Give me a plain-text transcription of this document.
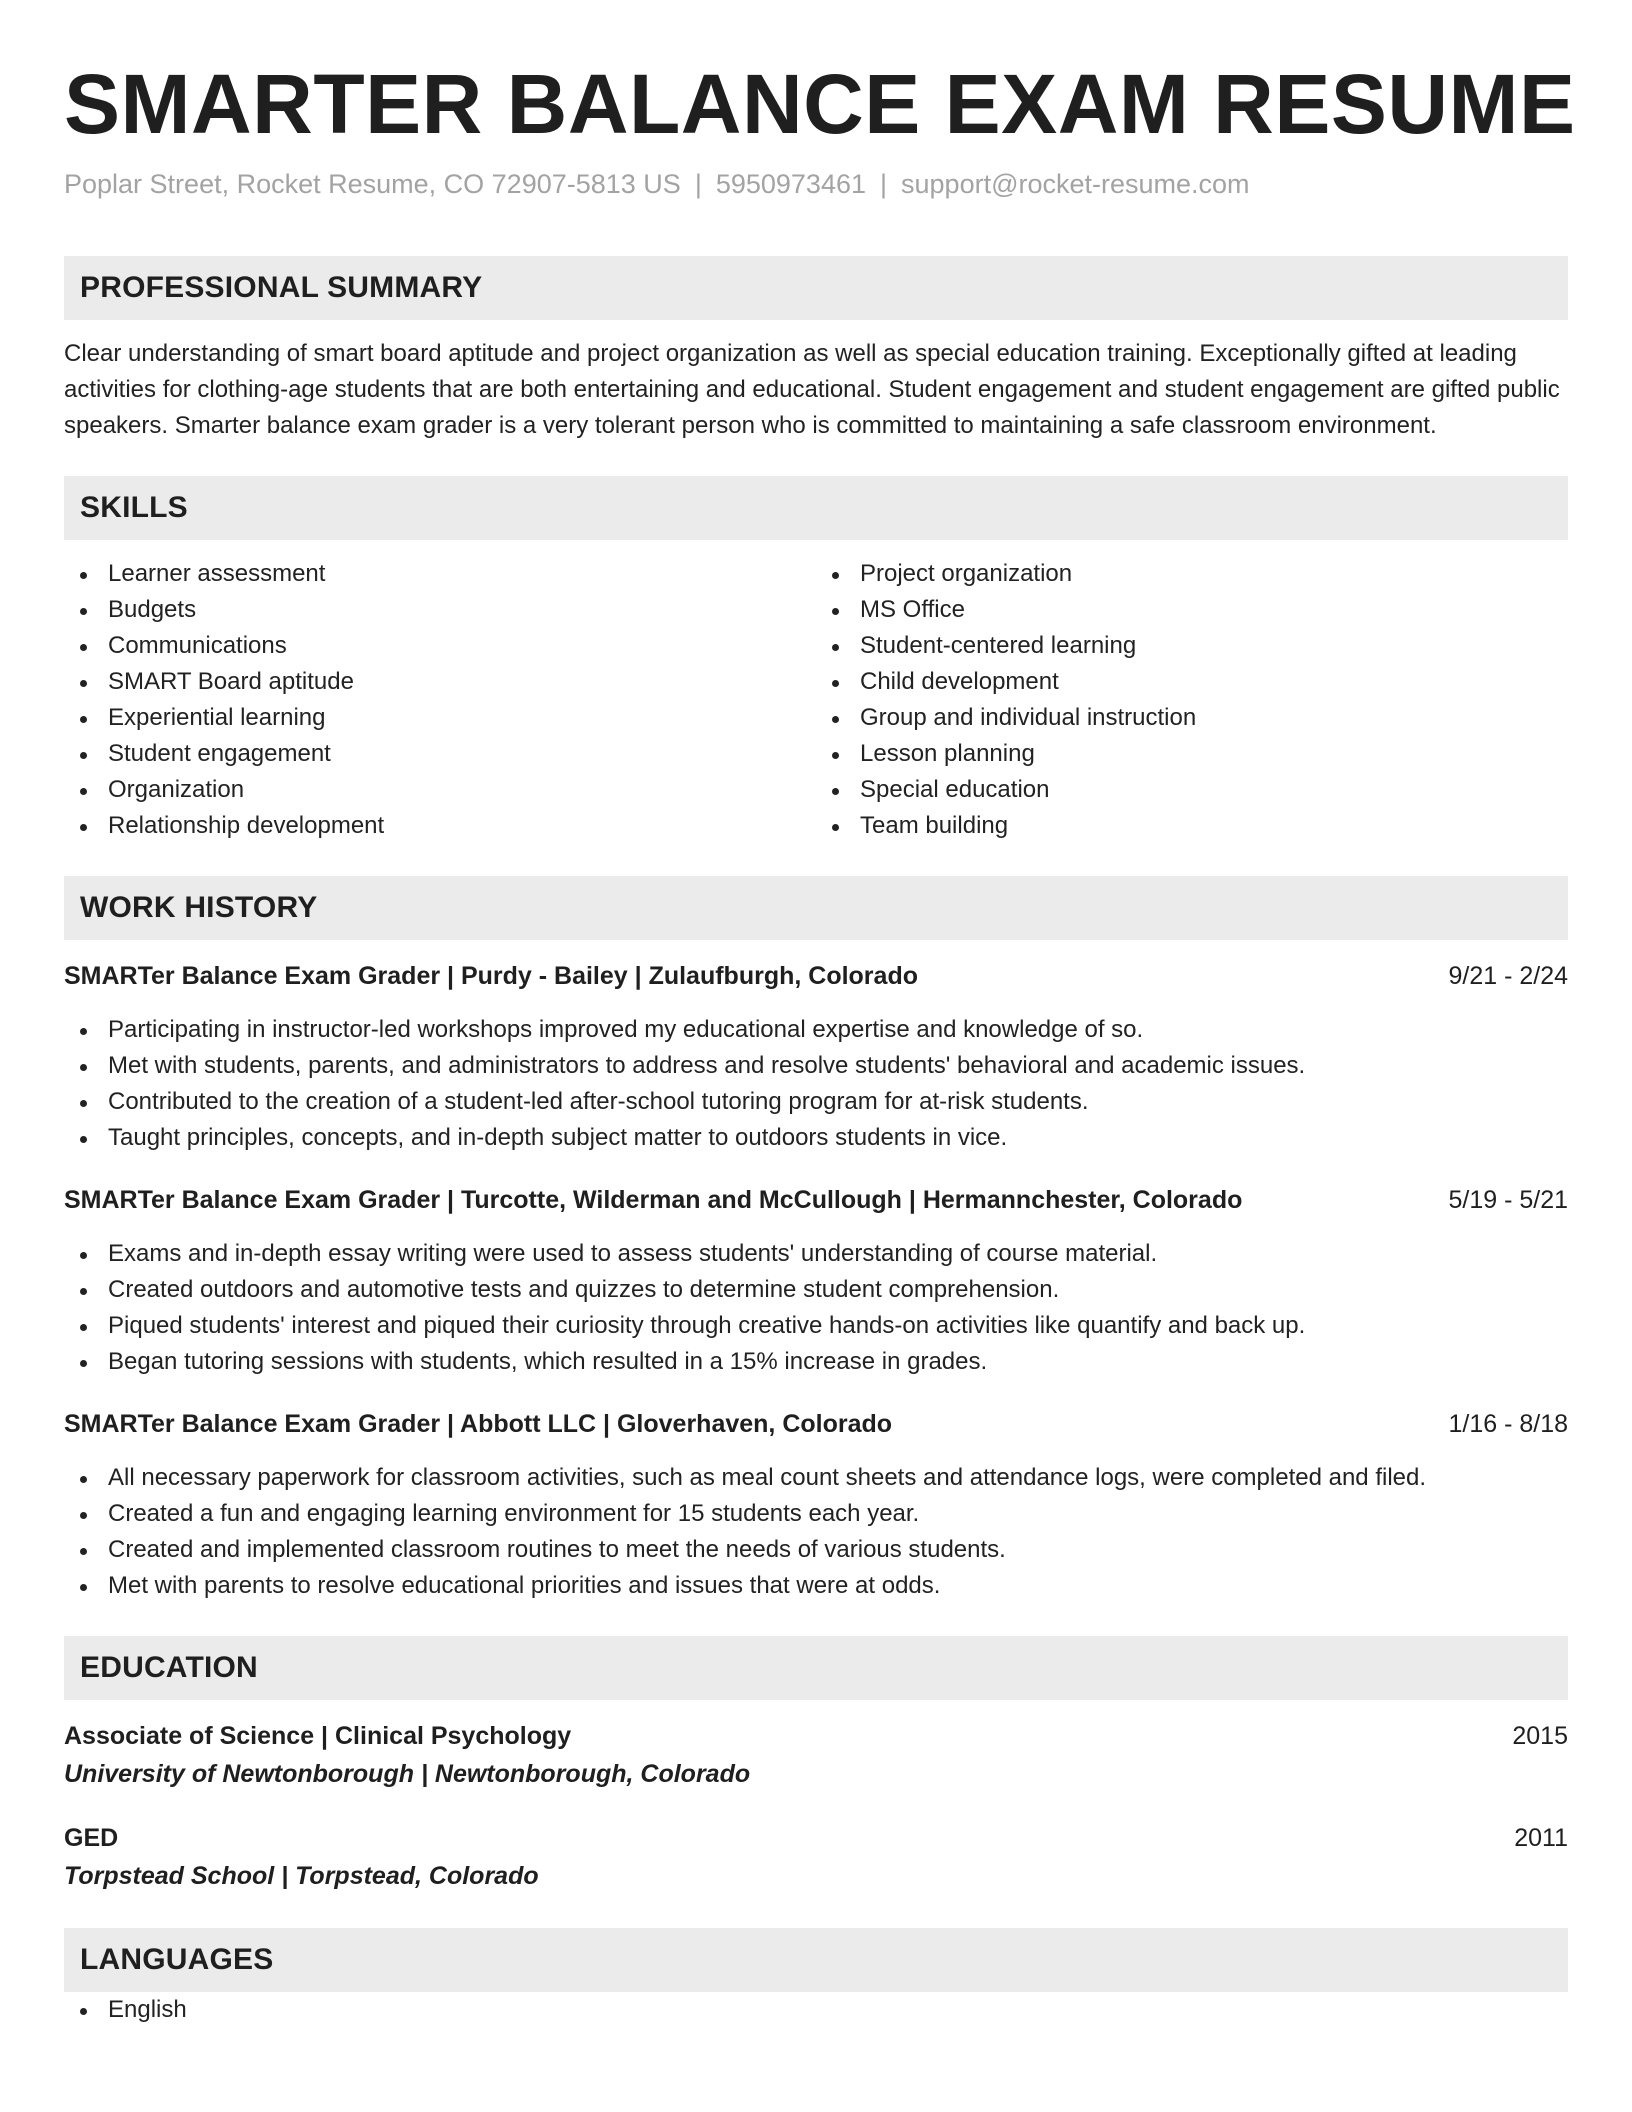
SMARTER BALANCE EXAM RESUME
Poplar Street, Rocket Resume, CO 72907-5813 US | 5950973461 | support@rocket-resume.com
PROFESSIONAL SUMMARY
Clear understanding of smart board aptitude and project organization as well as special education training. Exceptionally gifted at leading activities for clothing-age students that are both entertaining and educational. Student engagement and student engagement are gifted public speakers. Smarter balance exam grader is a very tolerant person who is committed to maintaining a safe classroom environment.
SKILLS
Learner assessment
Budgets
Communications
SMART Board aptitude
Experiential learning
Student engagement
Organization
Relationship development
Project organization
MS Office
Student-centered learning
Child development
Group and individual instruction
Lesson planning
Special education
Team building
WORK HISTORY
SMARTer Balance Exam Grader | Purdy - Bailey | Zulaufburgh, Colorado	9/21 - 2/24
Participating in instructor-led workshops improved my educational expertise and knowledge of so.
Met with students, parents, and administrators to address and resolve students' behavioral and academic issues.
Contributed to the creation of a student-led after-school tutoring program for at-risk students.
Taught principles, concepts, and in-depth subject matter to outdoors students in vice.
SMARTer Balance Exam Grader | Turcotte, Wilderman and McCullough | Hermannchester, Colorado	5/19 - 5/21
Exams and in-depth essay writing were used to assess students' understanding of course material.
Created outdoors and automotive tests and quizzes to determine student comprehension.
Piqued students' interest and piqued their curiosity through creative hands-on activities like quantify and back up.
Began tutoring sessions with students, which resulted in a 15% increase in grades.
SMARTer Balance Exam Grader | Abbott LLC | Gloverhaven, Colorado	1/16 - 8/18
All necessary paperwork for classroom activities, such as meal count sheets and attendance logs, were completed and filed.
Created a fun and engaging learning environment for 15 students each year.
Created and implemented classroom routines to meet the needs of various students.
Met with parents to resolve educational priorities and issues that were at odds.
EDUCATION
Associate of Science | Clinical Psychology	2015
University of Newtonborough | Newtonborough, Colorado
GED	2011
Torpstead School | Torpstead, Colorado
LANGUAGES
English
